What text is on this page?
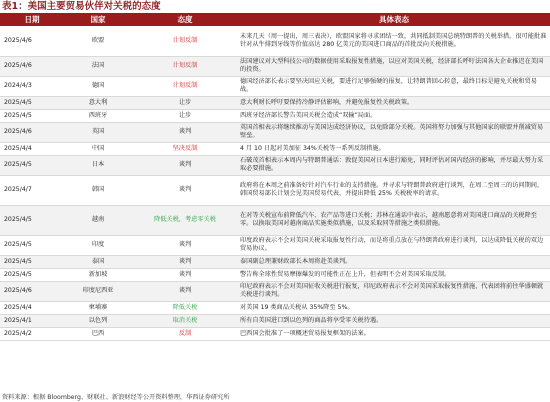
表1：美国主要贸易伙伴对关税的态度
日期	国家	态度	具体表态
2025/4/6	欧盟	计划反制	未来几天（周一提出，周三表决），欧盟国家将寻求团结一致，共同抵制美国总统特朗普的关税举措。很可能批准针对从牛排到牙线等价值高达 280 亿美元的美国进口商品的首批反向关税措施。
2025/4/6	法国	计划反制	法国建议对大型科技公司的数据使用采取报复性措施，以应对美国关税，经济部长呼吁法国各大企业推迟在美国的投资。
2024/4/3	德国	计划反制	德国经济部长表示要坚决回应关税，要进行足够强硬的报复，让特朗普回心转意，最终目标是避免关税和贸易战。
2025/4/5	意大利	让步	意大利财长呼吁要保持冷静评估影响，并避免报复性关税政策。
2025/4/5	西班牙	让步	西班牙经济部长警告美国关税会造成“双输”局面。
2025/4/6	英国	谈判	英国首相表示将继续推动与美国达成经济协议，以免除部分关税。英国将努力加强与其他国家的联盟并削减贸易壁垒。
2025/4/4	中国	坚决反制	4 月 10 日起对美加征 34%关税等一系列反制措施。
2025/4/5	日本	谈判	石破茂首相表示本周内与特朗普通话：敦促美国对日本进行豁免，同时评估对国内经济的影响，并尽最大努力采取必要措施。
2025/4/7	韩国	谈判	政府将在本周之前准备好针对汽车行业的支持措施。并寻求与特朗普政府进行谈判，在周二至周三的访问期间，韩国贸易部长计划会见美国贸易代表，并提出降低 25% 关税税率的请求。
2025/4/5	越南	降低关税，考虑零关税	在对等关税宣布前降低汽车、农产品等进口关税；苏林在通话中表示，越南愿意将对美国进口商品的关税降至零。以换取美国对越南商品实施类似措施，以及采取同等措施之类似措施。
2025/4/5	印度	谈判	印度政府表示不会对美国关税采取报复性行动，而是将重点放在与特朗普政府进行谈判，以达成降低关税的双边贸易协议。
2025/4/5	泰国	谈判	泰国副总理兼财政部长本周将赴美谈判。
2025/4/5	新加坡	谈判	警告称全球性贸易摩擦爆发的可能性正在上升，但表明不会对美国采取反制。
2025/4/6	印度尼西亚	谈判	印尼政府表示不会对美国征收关税进行报复，印尼政府表示不会对美国采取报复性措施，代表团将前往华盛顿就关税进行谈判。
2025/4/4	柬埔寨	降低关税	对美国 19 类商品关税从 35%降至 5%。
2025/4/1	以色列	取消关税	所有自美国进口到以色列的商品将享受零关税待遇。
2025/4/2	巴西	反制	巴西国会批准了一项概述贸易报复框架的法案。
资料来源：根据 Bloomberg、财联社、新浪财经等公开资料整理，华西证券研究所
